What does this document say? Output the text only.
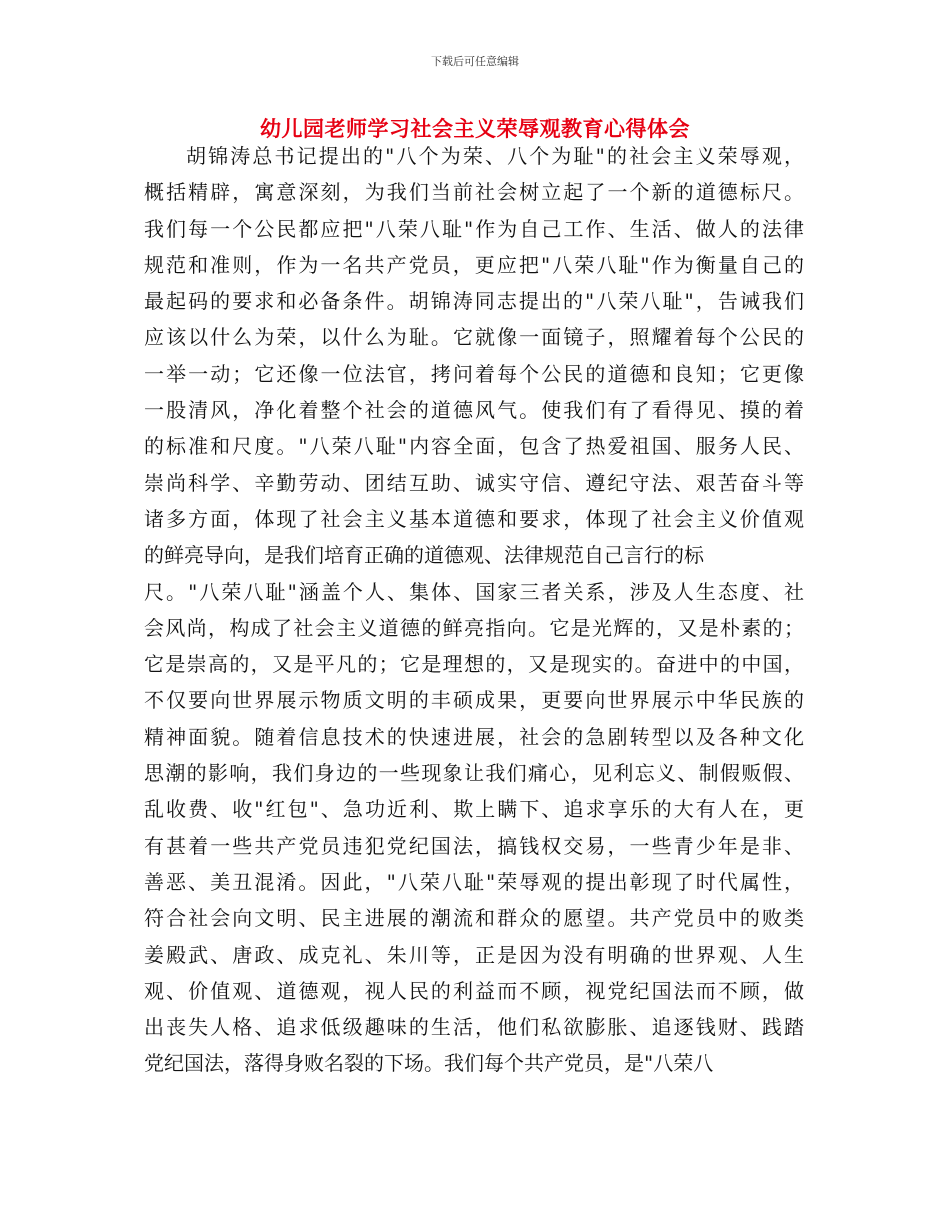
下载后可任意编辑
幼儿园老师学习社会主义荣辱观教育心得体会
胡锦涛总书记提出的"八个为荣、八个为耻"的社会主义荣辱观，
概括精辟，寓意深刻，为我们当前社会树立起了一个新的道德标尺。
我们每一个公民都应把"八荣八耻"作为自己工作、生活、做人的法律
规范和准则，作为一名共产党员，更应把"八荣八耻"作为衡量自己的
最起码的要求和必备条件。胡锦涛同志提出的"八荣八耻"，告诫我们
应该以什么为荣，以什么为耻。它就像一面镜子，照耀着每个公民的
一举一动；它还像一位法官，拷问着每个公民的道德和良知；它更像
一股清风，净化着整个社会的道德风气。使我们有了看得见、摸的着
的标准和尺度。"八荣八耻"内容全面，包含了热爱祖国、服务人民、
崇尚科学、辛勤劳动、团结互助、诚实守信、遵纪守法、艰苦奋斗等
诸多方面，体现了社会主义基本道德和要求，体现了社会主义价值观
的鲜亮导向，是我们培育正确的道德观、法律规范自己言行的标
尺。"八荣八耻"涵盖个人、集体、国家三者关系，涉及人生态度、社
会风尚，构成了社会主义道德的鲜亮指向。它是光辉的，又是朴素的；
它是崇高的，又是平凡的；它是理想的，又是现实的。奋进中的中国，
不仅要向世界展示物质文明的丰硕成果，更要向世界展示中华民族的
精神面貌。随着信息技术的快速进展，社会的急剧转型以及各种文化
思潮的影响，我们身边的一些现象让我们痛心，见利忘义、制假贩假、
乱收费、收"红包"、急功近利、欺上瞒下、追求享乐的大有人在，更
有甚着一些共产党员违犯党纪国法，搞钱权交易，一些青少年是非、
善恶、美丑混淆。因此，"八荣八耻"荣辱观的提出彰现了时代属性，
符合社会向文明、民主进展的潮流和群众的愿望。共产党员中的败类
姜殿武、唐政、成克礼、朱川等，正是因为没有明确的世界观、人生
观、价值观、道德观，视人民的利益而不顾，视党纪国法而不顾，做
出丧失人格、追求低级趣味的生活，他们私欲膨胀、追逐钱财、践踏
党纪国法，落得身败名裂的下场。我们每个共产党员，是"八荣八
